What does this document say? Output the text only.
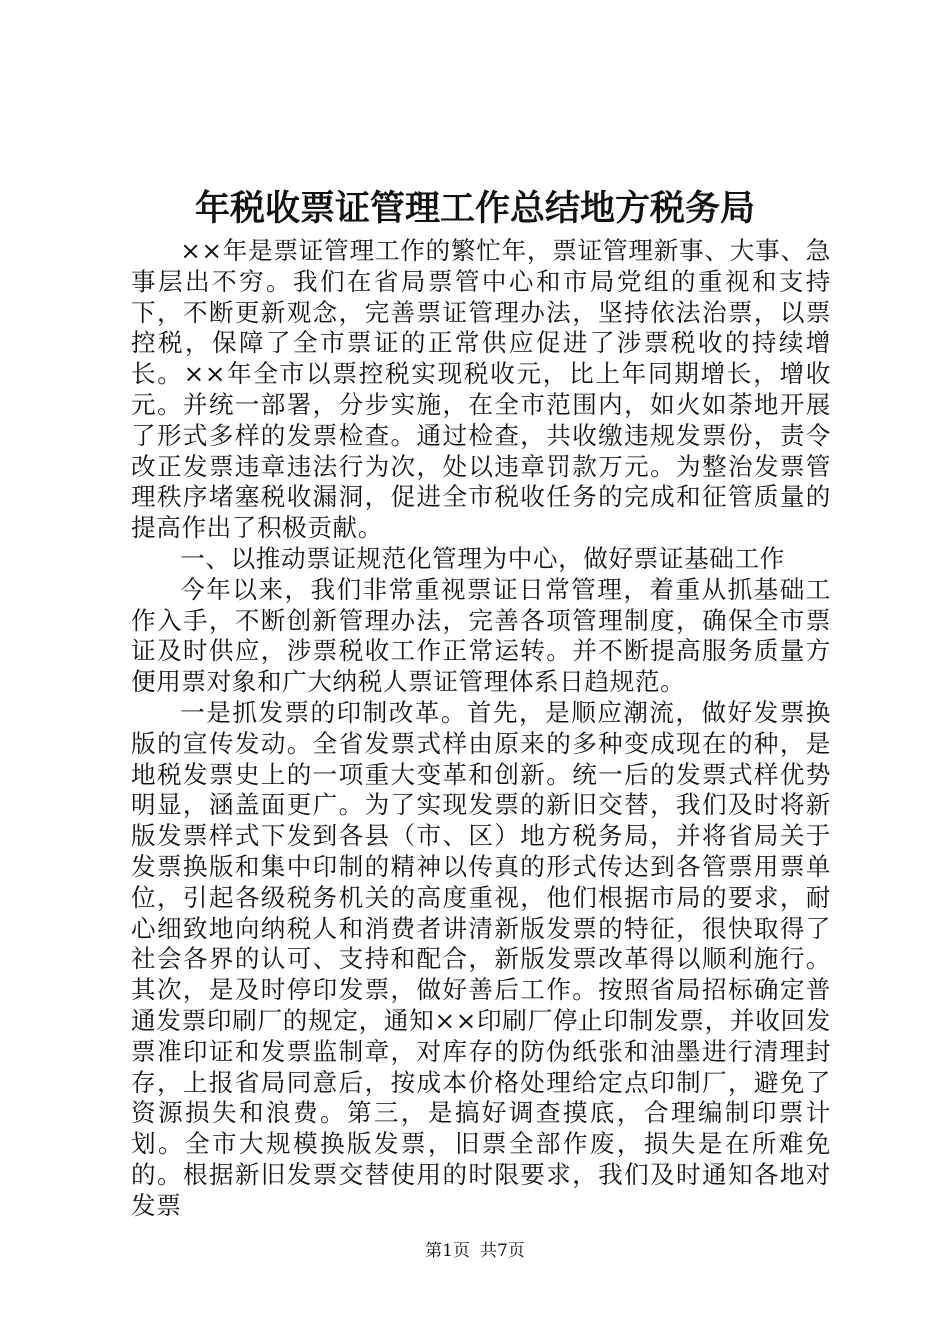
年税收票证管理工作总结地方税务局

××年是票证管理工作的繁忙年，票证管理新事、大事、急事层出不穷。我们在省局票管中心和市局党组的重视和支持下，不断更新观念，完善票证管理办法，坚持依法治票，以票控税，保障了全市票证的正常供应促进了涉票税收的持续增长。××年全市以票控税实现税收元，比上年同期增长，增收元。并统一部署，分步实施，在全市范围内，如火如荼地开展了形式多样的发票检查。通过检查，共收缴违规发票份，责令改正发票违章违法行为次，处以违章罚款万元。为整治发票管理秩序堵塞税收漏洞，促进全市税收任务的完成和征管质量的提高作出了积极贡献。

一、以推动票证规范化管理为中心，做好票证基础工作

今年以来，我们非常重视票证日常管理，着重从抓基础工作入手，不断创新管理办法，完善各项管理制度，确保全市票证及时供应，涉票税收工作正常运转。并不断提高服务质量方便用票对象和广大纳税人票证管理体系日趋规范。

一是抓发票的印制改革。首先，是顺应潮流，做好发票换版的宣传发动。全省发票式样由原来的多种变成现在的种，是地税发票史上的一项重大变革和创新。统一后的发票式样优势明显，涵盖面更广。为了实现发票的新旧交替，我们及时将新版发票样式下发到各县（市、区）地方税务局，并将省局关于发票换版和集中印制的精神以传真的形式传达到各管票用票单位，引起各级税务机关的高度重视，他们根据市局的要求，耐心细致地向纳税人和消费者讲清新版发票的特征，很快取得了社会各界的认可、支持和配合，新版发票改革得以顺利施行。其次，是及时停印发票，做好善后工作。按照省局招标确定普通发票印刷厂的规定，通知××印刷厂停止印制发票，并收回发票准印证和发票监制章，对库存的防伪纸张和油墨进行清理封存，上报省局同意后，按成本价格处理给定点印制厂，避免了资源损失和浪费。第三，是搞好调查摸底，合理编制印票计划。全市大规模换版发票，旧票全部作废，损失是在所难免的。根据新旧发票交替使用的时限要求，我们及时通知各地对发票

第1页 共7页
